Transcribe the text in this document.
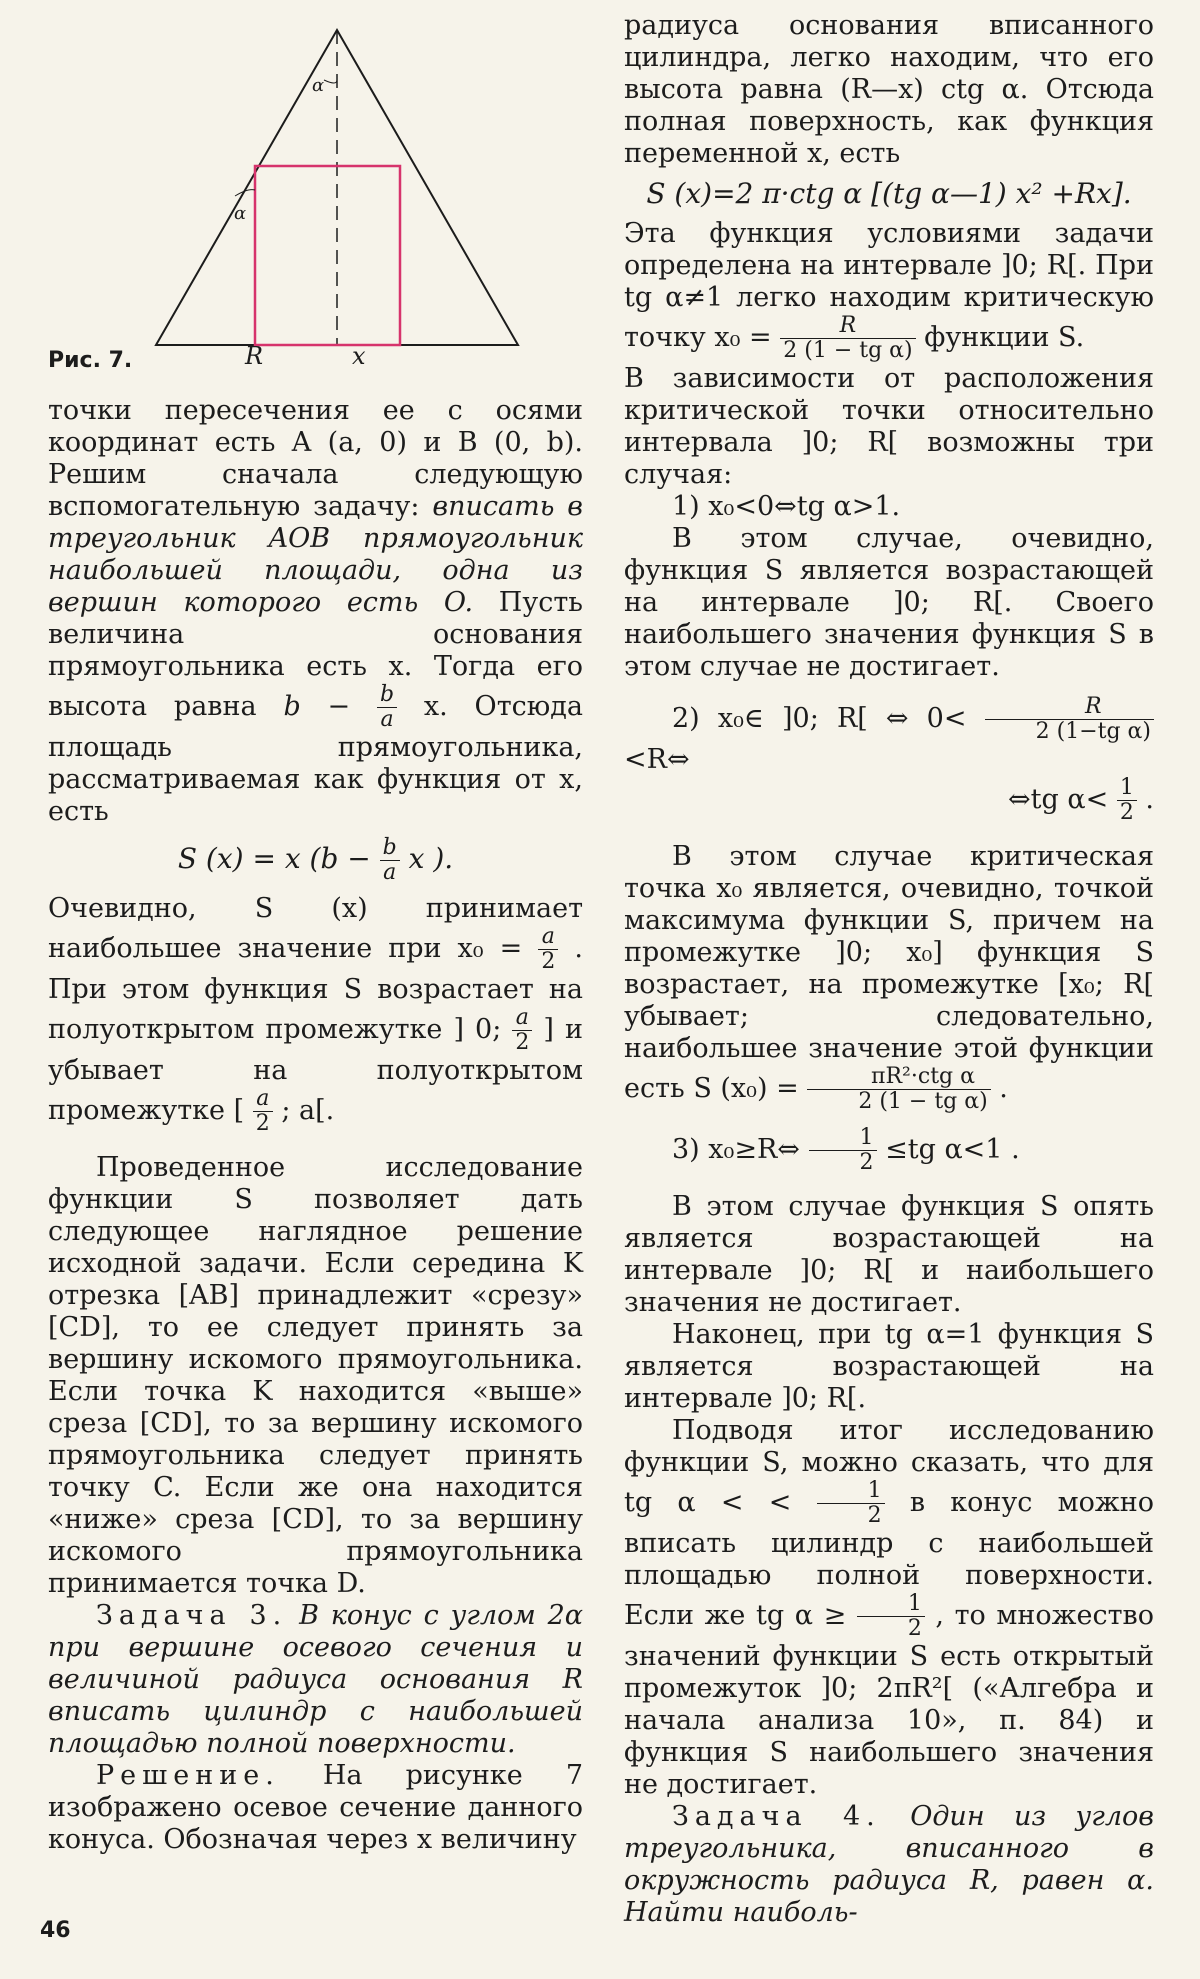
α
α
R	x
Рис. 7.

точки пересечения ее с осями координат есть A (a, 0) и B (0, b). Решим сначала следующую вспомогательную задачу: вписать в треугольник AOB прямоугольник наибольшей площади, одна из вершин которого есть O. Пусть величина основания прямоугольника есть x. Тогда его высота равна $b - \frac{b}{a} x$. Отсюда площадь прямоугольника, рассматриваемая как функция от x, есть

S (x) = x ($b - \frac{b}{a}$ x ).

Очевидно, S (x) принимает наибольшее значение при $x_0 = \frac{a}{2}$ . При этом функция S возрастает на полуоткрытом промежутке ] 0; $\frac{a}{2}$ ] и убывает на полуоткрытом промежутке [ $\frac{a}{2}$ ; a[.

Проведенное исследование функции S позволяет дать следующее наглядное решение исходной задачи. Если середина K отрезка [AB] принадлежит «срезу» [CD], то ее следует принять за вершину искомого прямоугольника. Если точка K находится «выше» среза [CD], то за вершину искомого прямоугольника следует принять точку C. Если же она находится «ниже» среза [CD], то за вершину искомого прямоугольника принимается точка D.

Задача 3. В конус с углом 2α при вершине осевого сечения и величиной радиуса основания R вписать цилиндр с наибольшей площадью полной поверхности.

Решение. На рисунке 7 изображено осевое сечение данного конуса. Обозначая через x величину

радиуса основания вписанного цилиндра, легко находим, что его высота равна (R—x) ctg α. Отсюда полная поверхность, как функция переменной x, есть

S (x)=2 π·ctg α [(tg α—1) x² +Rx].

Эта функция условиями задачи определена на интервале ]0; R[. При tg α≠1 легко находим критическую точку $x_0 = \frac{R}{\text{2 (1 − tg α)}}$ функции S.

В зависимости от расположения критической точки относительно интервала ]0; R[ возможны три случая:

1) x₀<0⇔tg α>1.

В этом случае, очевидно, функция S является возрастающей на интервале ]0; R[. Своего наибольшего значения функция S в этом случае не достигает.

2) x₀∈ ]0; R[ ⇔ $0< \frac{R}{\text{2 (1−tg α)}}$
<R⇔

⇔tg $\alpha< \frac{1}{2}$ .

В этом случае критическая точка x₀ является, очевидно, точкой максимума функции S, причем на промежутке ]0; x₀] функция S возрастает, на промежутке [x₀; R[ убывает; следовательно, наибольшее значение этой функции есть S $(x_0) = \frac{\text{πR²·ctg α}}{\text{2 (1 − tg α)}}$ .

3) x₀≥R⇔ $\frac{1}{2} \le tg$ α<1 .

В этом случае функция S опять является возрастающей на интервале ]0; R[ и наибольшего значения не достигает.

Наконец, при tg α=1 функция S является возрастающей на интервале ]0; R[.

Подводя итог исследованию функции S, можно сказать, что для tg α < < $\frac{1}{2}$ в конус можно вписать цилиндр с наибольшей площадью полной поверхности. Если же tg $\alpha \ge \frac{1}{2}$ , то множество значений функции S есть открытый промежуток ]0; 2πR²[ («Алгебра и начала анализа 10», п. 84) и функция S наибольшего значения не достигает.

Задача 4. Один из углов треугольника, вписанного в окружность радиуса R, равен α. Найти наиболь-

46
